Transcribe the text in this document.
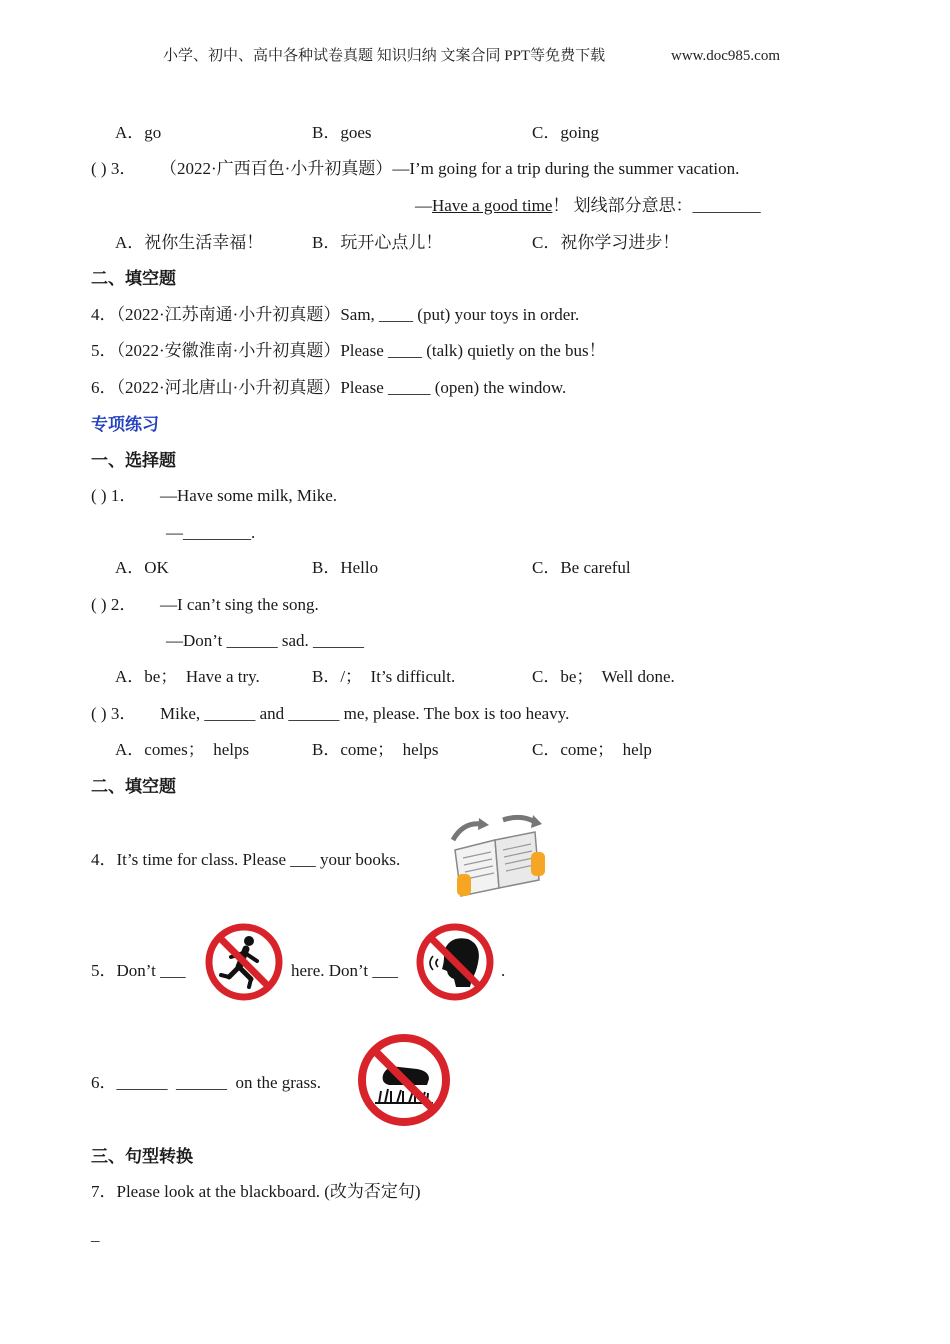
小学、初中、高中各种试卷真题 知识归纳 文案合同 PPT等免费下载	www.doc985.com
A．go	B．goes	C．going
( ) 3． （2022·广西百色·小升初真题）—I’m going for a trip during the summer vacation.
—Have a good time！ 划线部分意思：________
A．祝你生活幸福！	B．玩开心点儿！	C．祝你学习进步！
二、填空题
4．（2022·江苏南通·小升初真题）Sam, ____ (put) your toys in order.
5．（2022·安徽淮南·小升初真题）Please ____ (talk) quietly on the bus！
6．（2022·河北唐山·小升初真题）Please _____ (open) the window.
专项练习
一、选择题
( ) 1． —Have some milk, Mike.
—________.
A．OK	B．Hello	C．Be careful
( ) 2． —I can’t sing the song.
—Don’t ______ sad. ______
A．be；  Have a try.	B．/；  It’s difficult.	C．be；  Well done.
( ) 3． Mike, ______ and ______ me, please. The box is too heavy.
A．comes；  helps	B．come；  helps	C．come；  help
二、填空题
4．It’s time for class. Please ___ your books.
5．Don’t ___	here. Don’t ___	.
6．______  ______  on the grass.
三、句型转换
7．Please look at the blackboard. (改为否定句)
_
